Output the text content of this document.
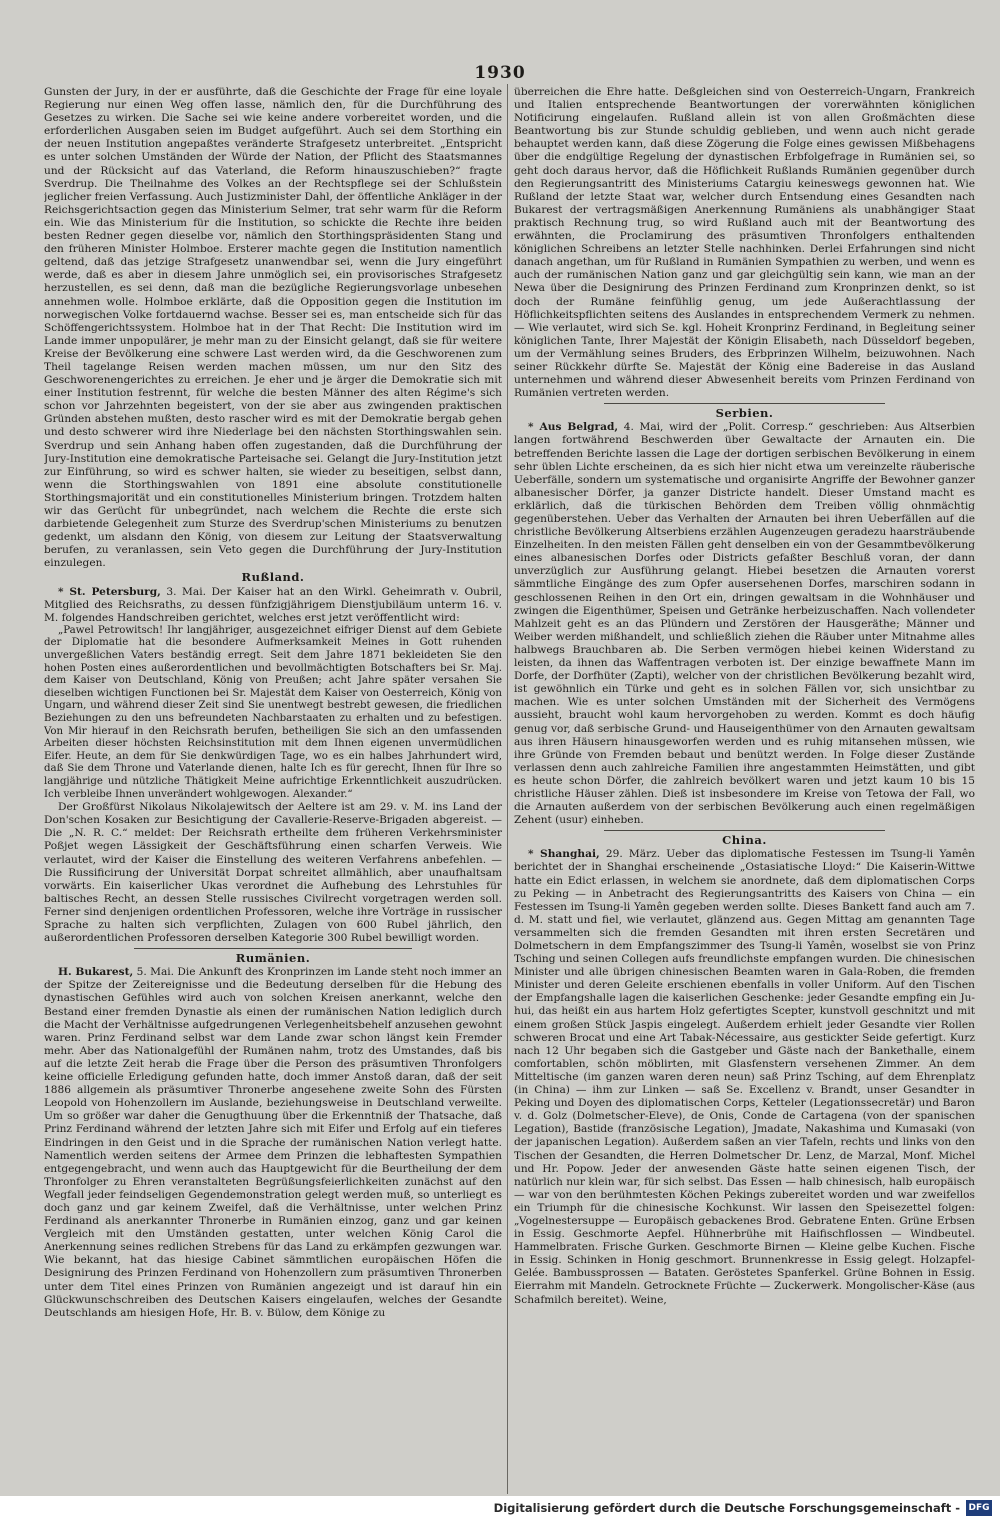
1930

Gunsten der Jury, in der er ausführte, daß die Geschichte der Frage für eine loyale Regierung nur einen Weg offen lasse, nämlich den, für die Durchführung des Gesetzes zu wirken. Die Sache sei wie keine andere vorbereitet worden, und die erforderlichen Ausgaben seien im Budget aufgeführt. Auch sei dem Storthing ein der neuen Institution angepaßtes veränderte Strafgesetz unterbreitet. „Entspricht es unter solchen Umständen der Würde der Nation, der Pflicht des Staatsmannes und der Rücksicht auf das Vaterland, die Reform hinauszuschieben?“ fragte Sverdrup. Die Theilnahme des Volkes an der Rechtspflege sei der Schlußstein jeglicher freien Verfassung. Auch Justizminister Dahl, der öffentliche Ankläger in der Reichsgerichtsaction gegen das Ministerium Selmer, trat sehr warm für die Reform ein. Wie das Ministerium für die Institution, so schickte die Rechte ihre beiden besten Redner gegen dieselbe vor, nämlich den Storthingspräsidenten Stang und den früheren Minister Holmboe. Ersterer machte gegen die Institution namentlich geltend, daß das jetzige Strafgesetz unanwendbar sei, wenn die Jury eingeführt werde, daß es aber in diesem Jahre unmöglich sei, ein provisorisches Strafgesetz herzustellen, es sei denn, daß man die bezügliche Regierungsvorlage unbesehen annehmen wolle. Holmboe erklärte, daß die Opposition gegen die Institution im norwegischen Volke fortdauernd wachse. Besser sei es, man entscheide sich für das Schöffengerichtssystem. Holmboe hat in der That Recht: Die Institution wird im Lande immer unpopulärer, je mehr man zu der Einsicht gelangt, daß sie für weitere Kreise der Bevölkerung eine schwere Last werden wird, da die Geschworenen zum Theil tagelange Reisen werden machen müssen, um nur den Sitz des Geschworenengerichtes zu erreichen. Je eher und je ärger die Demokratie sich mit einer Institution festrennt, für welche die besten Männer des alten Régime's sich schon vor Jahrzehnten begeistert, von der sie aber aus zwingenden praktischen Gründen abstehen mußten, desto rascher wird es mit der Demokratie bergab gehen und desto schwerer wird ihre Niederlage bei den nächsten Storthingswahlen sein. Sverdrup und sein Anhang haben offen zugestanden, daß die Durchführung der Jury-Institution eine demokratische Parteisache sei. Gelangt die Jury-Institution jetzt zur Einführung, so wird es schwer halten, sie wieder zu beseitigen, selbst dann, wenn die Storthingswahlen von 1891 eine absolute constitutionelle Storthingsmajorität und ein constitutionelles Ministerium bringen. Trotzdem halten wir das Gerücht für unbegründet, nach welchem die Rechte die erste sich darbietende Gelegenheit zum Sturze des Sverdrup'schen Ministeriums zu benutzen gedenkt, um alsdann den König, von diesem zur Leitung der Staatsverwaltung berufen, zu veranlassen, sein Veto gegen die Durchführung der Jury-Institution einzulegen.

Rußland.

* St. Petersburg, 3. Mai. Der Kaiser hat an den Wirkl. Geheimrath v. Oubril, Mitglied des Reichsraths, zu dessen fünfzigjährigem Dienstjubiläum unterm 16. v. M. folgendes Handschreiben gerichtet, welches erst jetzt veröffentlicht wird:

„Pawel Petrowitsch! Ihr langjähriger, ausgezeichnet eifriger Dienst auf dem Gebiete der Diplomatie hat die besondere Aufmerksamkeit Meines in Gott ruhenden unvergeßlichen Vaters beständig erregt. Seit dem Jahre 1871 bekleideten Sie den hohen Posten eines außerordentlichen und bevollmächtigten Botschafters bei Sr. Maj. dem Kaiser von Deutschland, König von Preußen; acht Jahre später versahen Sie dieselben wichtigen Functionen bei Sr. Majestät dem Kaiser von Oesterreich, König von Ungarn, und während dieser Zeit sind Sie unentwegt bestrebt gewesen, die friedlichen Beziehungen zu den uns befreundeten Nachbarstaaten zu erhalten und zu befestigen. Von Mir hierauf in den Reichsrath berufen, betheiligen Sie sich an den umfassenden Arbeiten dieser höchsten Reichsinstitution mit dem Ihnen eigenen unvermüdlichen Eifer. Heute, an dem für Sie denkwürdigen Tage, wo es ein halbes Jahrhundert wird, daß Sie dem Throne und Vaterlande dienen, halte Ich es für gerecht, Ihnen für Ihre so langjährige und nützliche Thätigkeit Meine aufrichtige Erkenntlichkeit auszudrücken. Ich verbleibe Ihnen unverändert wohlgewogen. Alexander.“

Der Großfürst Nikolaus Nikolajewitsch der Aeltere ist am 29. v. M. ins Land der Don'schen Kosaken zur Besichtigung der Cavallerie-Reserve-Brigaden abgereist. — Die „N. R. C.“ meldet: Der Reichsrath ertheilte dem früheren Verkehrsminister Poßjet wegen Lässigkeit der Geschäftsführung einen scharfen Verweis. Wie verlautet, wird der Kaiser die Einstellung des weiteren Verfahrens anbefehlen. — Die Russificirung der Universität Dorpat schreitet allmählich, aber unaufhaltsam vorwärts. Ein kaiserlicher Ukas verordnet die Aufhebung des Lehrstuhles für baltisches Recht, an dessen Stelle russisches Civilrecht vorgetragen werden soll. Ferner sind denjenigen ordentlichen Professoren, welche ihre Vorträge in russischer Sprache zu halten sich verpflichten, Zulagen von 600 Rubel jährlich, den außerordentlichen Professoren derselben Kategorie 300 Rubel bewilligt worden.

Rumänien.

H. Bukarest, 5. Mai. Die Ankunft des Kronprinzen im Lande steht noch immer an der Spitze der Zeitereignisse und die Bedeutung derselben für die Hebung des dynastischen Gefühles wird auch von solchen Kreisen anerkannt, welche den Bestand einer fremden Dynastie als einen der rumänischen Nation lediglich durch die Macht der Verhältnisse aufgedrungenen Verlegenheitsbehelf anzusehen gewohnt waren. Prinz Ferdinand selbst war dem Lande zwar schon längst kein Fremder mehr. Aber das Nationalgefühl der Rumänen nahm, trotz des Umstandes, daß bis auf die letzte Zeit herab die Frage über die Person des präsumtiven Thronfolgers keine officielle Erledigung gefunden hatte, doch immer Anstoß daran, daß der seit 1886 allgemein als präsumtiver Thronerbe angesehene zweite Sohn des Fürsten Leopold von Hohenzollern im Auslande, beziehungsweise in Deutschland verweilte. Um so größer war daher die Genugthuung über die Erkenntniß der Thatsache, daß Prinz Ferdinand während der letzten Jahre sich mit Eifer und Erfolg auf ein tieferes Eindringen in den Geist und in die Sprache der rumänischen Nation verlegt hatte. Namentlich werden seitens der Armee dem Prinzen die lebhaftesten Sympathien entgegengebracht, und wenn auch das Hauptgewicht für die Beurtheilung der dem Thronfolger zu Ehren veranstalteten Begrüßungsfeierlichkeiten zunächst auf den Wegfall jeder feindseligen Gegendemonstration gelegt werden muß, so unterliegt es doch ganz und gar keinem Zweifel, daß die Verhältnisse, unter welchen Prinz Ferdinand als anerkannter Thronerbe in Rumänien einzog, ganz und gar keinen Vergleich mit den Umständen gestatten, unter welchen König Carol die Anerkennung seines redlichen Strebens für das Land zu erkämpfen gezwungen war. Wie bekannt, hat das hiesige Cabinet sämmtlichen europäischen Höfen die Designirung des Prinzen Ferdinand von Hohenzollern zum präsumtiven Thronerben unter dem Titel eines Prinzen von Rumänien angezeigt und ist darauf hin ein Glückwunschschreiben des Deutschen Kaisers eingelaufen, welches der Gesandte Deutschlands am hiesigen Hofe, Hr. B. v. Bülow, dem Könige zu

überreichen die Ehre hatte. Deßgleichen sind von Oesterreich-Ungarn, Frankreich und Italien entsprechende Beantwortungen der vorerwähnten königlichen Notificirung eingelaufen. Rußland allein ist von allen Großmächten diese Beantwortung bis zur Stunde schuldig geblieben, und wenn auch nicht gerade behauptet werden kann, daß diese Zögerung die Folge eines gewissen Mißbehagens über die endgültige Regelung der dynastischen Erbfolgefrage in Rumänien sei, so geht doch daraus hervor, daß die Höflichkeit Rußlands Rumänien gegenüber durch den Regierungsantritt des Ministeriums Catargiu keineswegs gewonnen hat. Wie Rußland der letzte Staat war, welcher durch Entsendung eines Gesandten nach Bukarest der vertragsmäßigen Anerkennung Rumäniens als unabhängiger Staat praktisch Rechnung trug, so wird Rußland auch mit der Beantwortung des erwähnten, die Proclamirung des präsumtiven Thronfolgers enthaltenden königlichen Schreibens an letzter Stelle nachhinken. Derlei Erfahrungen sind nicht danach angethan, um für Rußland in Rumänien Sympathien zu werben, und wenn es auch der rumänischen Nation ganz und gar gleichgültig sein kann, wie man an der Newa über die Designirung des Prinzen Ferdinand zum Kronprinzen denkt, so ist doch der Rumäne feinfühlig genug, um jede Außerachtlassung der Höflichkeitspflichten seitens des Auslandes in entsprechendem Vermerk zu nehmen. — Wie verlautet, wird sich Se. kgl. Hoheit Kronprinz Ferdinand, in Begleitung seiner königlichen Tante, Ihrer Majestät der Königin Elisabeth, nach Düsseldorf begeben, um der Vermählung seines Bruders, des Erbprinzen Wilhelm, beizuwohnen. Nach seiner Rückkehr dürfte Se. Majestät der König eine Badereise in das Ausland unternehmen und während dieser Abwesenheit bereits vom Prinzen Ferdinand von Rumänien vertreten werden.

Serbien.

* Aus Belgrad, 4. Mai, wird der „Polit. Corresp.“ geschrieben: Aus Altserbien langen fortwährend Beschwerden über Gewaltacte der Arnauten ein. Die betreffenden Berichte lassen die Lage der dortigen serbischen Bevölkerung in einem sehr üblen Lichte erscheinen, da es sich hier nicht etwa um vereinzelte räuberische Ueberfälle, sondern um systematische und organisirte Angriffe der Bewohner ganzer albanesischer Dörfer, ja ganzer Districte handelt. Dieser Umstand macht es erklärlich, daß die türkischen Behörden dem Treiben völlig ohnmächtig gegenüberstehen. Ueber das Verhalten der Arnauten bei ihren Ueberfällen auf die christliche Bevölkerung Altserbiens erzählen Augenzeugen geradezu haarsträubende Einzelheiten. In den meisten Fällen geht denselben ein von der Gesammtbevölkerung eines albanesischen Dorfes oder Districts gefaßter Beschluß voran, der dann unverzüglich zur Ausführung gelangt. Hiebei besetzen die Arnauten vorerst sämmtliche Eingänge des zum Opfer ausersehenen Dorfes, marschiren sodann in geschlossenen Reihen in den Ort ein, dringen gewaltsam in die Wohnhäuser und zwingen die Eigenthümer, Speisen und Getränke herbeizuschaffen. Nach vollendeter Mahlzeit geht es an das Plündern und Zerstören der Hausgeräthe; Männer und Weiber werden mißhandelt, und schließlich ziehen die Räuber unter Mitnahme alles halbwegs Brauchbaren ab. Die Serben vermögen hiebei keinen Widerstand zu leisten, da ihnen das Waffentragen verboten ist. Der einzige bewaffnete Mann im Dorfe, der Dorfhüter (Zapti), welcher von der christlichen Bevölkerung bezahlt wird, ist gewöhnlich ein Türke und geht es in solchen Fällen vor, sich unsichtbar zu machen. Wie es unter solchen Umständen mit der Sicherheit des Vermögens aussieht, braucht wohl kaum hervorgehoben zu werden. Kommt es doch häufig genug vor, daß serbische Grund- und Hauseigenthümer von den Arnauten gewaltsam aus ihren Häusern hinausgeworfen werden und es ruhig mitansehen müssen, wie ihre Gründe von Fremden bebaut und benützt werden. In Folge dieser Zustände verlassen denn auch zahlreiche Familien ihre angestammten Heimstätten, und gibt es heute schon Dörfer, die zahlreich bevölkert waren und jetzt kaum 10 bis 15 christliche Häuser zählen. Dieß ist insbesondere im Kreise von Tetowa der Fall, wo die Arnauten außerdem von der serbischen Bevölkerung auch einen regelmäßigen Zehent (usur) einheben.

China.

* Shanghai, 29. März. Ueber das diplomatische Festessen im Tsung-li Yamên berichtet der in Shanghai erscheinende „Ostasiatische Lloyd:“ Die Kaiserin-Wittwe hatte ein Edict erlassen, in welchem sie anordnete, daß dem diplomatischen Corps zu Peking — in Anbetracht des Regierungsantritts des Kaisers von China — ein Festessen im Tsung-li Yamên gegeben werden sollte. Dieses Bankett fand auch am 7. d. M. statt und fiel, wie verlautet, glänzend aus. Gegen Mittag am genannten Tage versammelten sich die fremden Gesandten mit ihren ersten Secretären und Dolmetschern in dem Empfangszimmer des Tsung-li Yamên, woselbst sie von Prinz Tsching und seinen Collegen aufs freundlichste empfangen wurden. Die chinesischen Minister und alle übrigen chinesischen Beamten waren in Gala-Roben, die fremden Minister und deren Geleite erschienen ebenfalls in voller Uniform. Auf den Tischen der Empfangshalle lagen die kaiserlichen Geschenke: jeder Gesandte empfing ein Ju-hui, das heißt ein aus hartem Holz gefertigtes Scepter, kunstvoll geschnitzt und mit einem großen Stück Jaspis eingelegt. Außerdem erhielt jeder Gesandte vier Rollen schweren Brocat und eine Art Tabak-Nécessaire, aus gestickter Seide gefertigt. Kurz nach 12 Uhr begaben sich die Gastgeber und Gäste nach der Bankethalle, einem comfortablen, schön möblirten, mit Glasfenstern versehenen Zimmer. An dem Mitteltische (im ganzen waren deren neun) saß Prinz Tsching, auf dem Ehrenplatz (in China) — ihm zur Linken — saß Se. Excellenz v. Brandt, unser Gesandter in Peking und Doyen des diplomatischen Corps, Ketteler (Legationssecretär) und Baron v. d. Golz (Dolmetscher-Eleve), de Onis, Conde de Cartagena (von der spanischen Legation), Bastide (französische Legation), Jmadate, Nakashima und Kumasaki (von der japanischen Legation). Außerdem saßen an vier Tafeln, rechts und links von den Tischen der Gesandten, die Herren Dolmetscher Dr. Lenz, de Marzal, Monf. Michel und Hr. Popow. Jeder der anwesenden Gäste hatte seinen eigenen Tisch, der natürlich nur klein war, für sich selbst. Das Essen — halb chinesisch, halb europäisch — war von den berühmtesten Köchen Pekings zubereitet worden und war zweifellos ein Triumph für die chinesische Kochkunst. Wir lassen den Speisezettel folgen: „Vogelnestersuppe — Europäisch gebackenes Brod. Gebratene Enten. Grüne Erbsen in Essig. Geschmorte Aepfel. Hühnerbrühe mit Haifischflossen — Windbeutel. Hammelbraten. Frische Gurken. Geschmorte Birnen — Kleine gelbe Kuchen. Fische in Essig. Schinken in Honig geschmort. Brunnenkresse in Essig gelegt. Holzapfel-Gelée. Bambussprossen — Bataten. Geröstetes Spanferkel. Grüne Bohnen in Essig. Eierrahm mit Mandeln. Getrocknete Früchte — Zuckerwerk. Mongolischer-Käse (aus Schafmilch bereitet). Weine,

Digitalisierung gefördert durch die Deutsche Forschungsgemeinschaft - DFG
